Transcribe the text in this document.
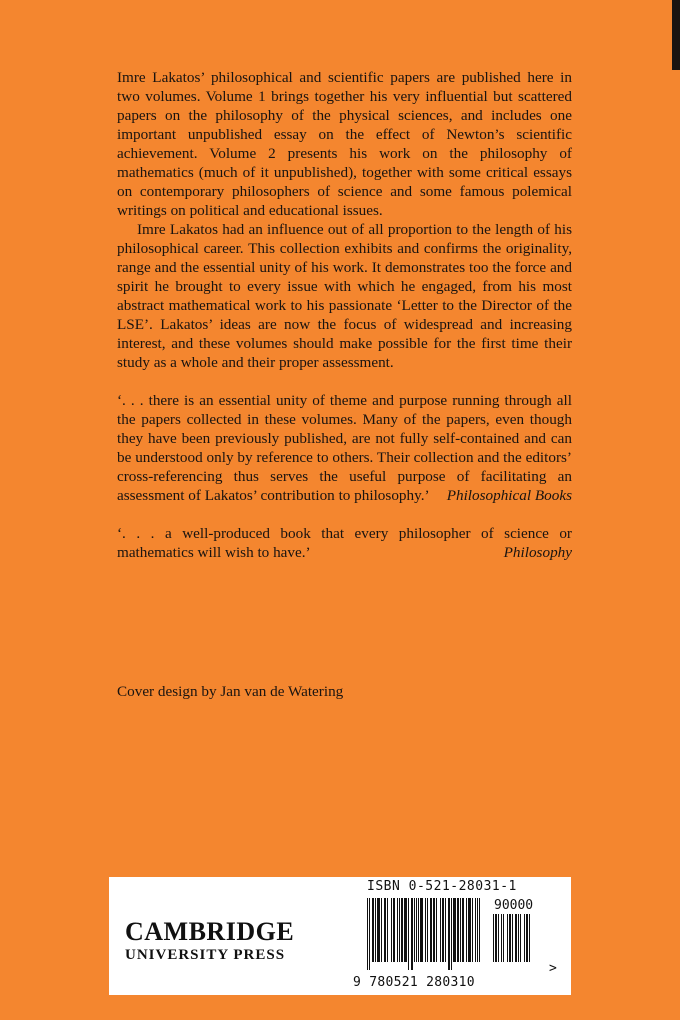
Imre Lakatos’ philosophical and scientific papers are published here in two volumes. Volume 1 brings together his very influential but scattered papers on the philosophy of the physical sciences, and includes one important unpublished essay on the effect of Newton’s scientific achievement. Volume 2 presents his work on the philosophy of mathematics (much of it unpublished), together with some critical essays on contemporary philosophers of science and some famous polemical writings on political and educational issues.

Imre Lakatos had an influence out of all proportion to the length of his philosophical career. This collection exhibits and confirms the originality, range and the essential unity of his work. It demonstrates too the force and spirit he brought to every issue with which he engaged, from his most abstract mathematical work to his passionate ‘Letter to the Director of the LSE’. Lakatos’ ideas are now the focus of widespread and increasing interest, and these volumes should make possible for the first time their study as a whole and their proper assessment.

‘. . . there is an essential unity of theme and purpose running through all the papers collected in these volumes. Many of the papers, even though they have been previously published, are not fully self-contained and can be understood only by reference to others. Their collection and the editors’ cross-referencing thus serves the useful purpose of facilitating an assessment of Lakatos’ contribution to philosophy.’	Philosophical Books

‘. . . a well-produced book that every philosopher of science or mathematics will wish to have.’	Philosophy
Cover design by Jan van de Watering
CAMBRIDGE
UNIVERSITY PRESS
ISBN 0-521-28031-1
90000
9 780521 280310
>
